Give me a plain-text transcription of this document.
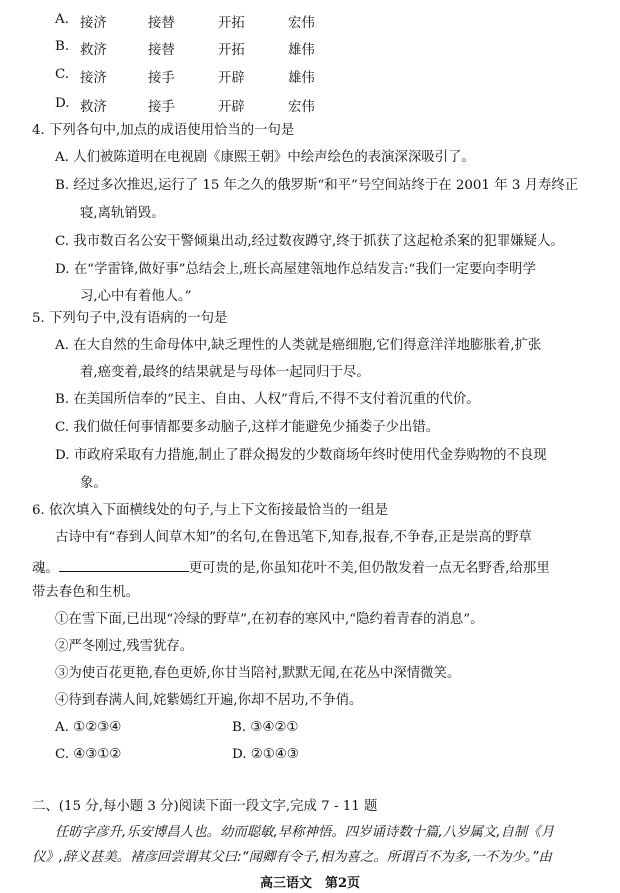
A. 接济	接替	开拓	宏伟
B. 救济	接替	开拓	雄伟
C. 接济	接手	开辟	雄伟
D. 救济	接手	开辟	宏伟
4. 下列各句中,加点的成语使用恰当的一句是
A. 人们被陈道明在电视剧《康熙王朝》中绘声绘色的表演深深吸引了。
B. 经过多次推迟,运行了 15 年之久的俄罗斯“和平”号空间站终于在 2001 年 3 月寿终正
寝,离轨销毁。
C. 我市数百名公安干警倾巢出动,经过数夜蹲守,终于抓获了这起枪杀案的犯罪嫌疑人。
D. 在“学雷锋,做好事”总结会上,班长高屋建瓴地作总结发言:“我们一定要向李明学
习,心中有着他人。”
5. 下列句子中,没有语病的一句是
A. 在大自然的生命母体中,缺乏理性的人类就是癌细胞,它们得意洋洋地膨胀着,扩张
着,癌变着,最终的结果就是与母体一起同归于尽。
B. 在美国所信奉的“民主、自由、人权”背后,不得不支付着沉重的代价。
C. 我们做任何事情都要多动脑子,这样才能避免少捅娄子少出错。
D. 市政府采取有力措施,制止了群众揭发的少数商场年终时使用代金券购物的不良现
象。
6. 依次填入下面横线处的句子,与上下文衔接最恰当的一组是
古诗中有“春到人间草木知”的名句,在鲁迅笔下,知春,报春,不争春,正是崇高的野草
魂。	更可贵的是,你虽知花叶不美,但仍散发着一点无名野香,给那里
带去春色和生机。
①在雪下面,已出现“冷绿的野草”,在初春的寒风中,“隐约着青春的消息”。
②严冬刚过,残雪犹存。
③为使百花更艳,春色更娇,你甘当陪衬,默默无闻,在花丛中深情微笑。
④待到春满人间,姹紫嫣红开遍,你却不居功,不争俏。
A. ①②③④	B. ③④②①
C. ④③①②	D. ②①④③
二、(15 分,每小题 3 分)阅读下面一段文字,完成 7 - 11 题
任昉字彦升,乐安博昌人也。幼而聪敏,早称神悟。四岁诵诗数十篇,八岁属文,自制《月
仪》,辞义甚美。褚彦回尝谓其父曰:“闻卿有令子,相为喜之。所谓百不为多,一不为少。”由
高三语文　第2页
